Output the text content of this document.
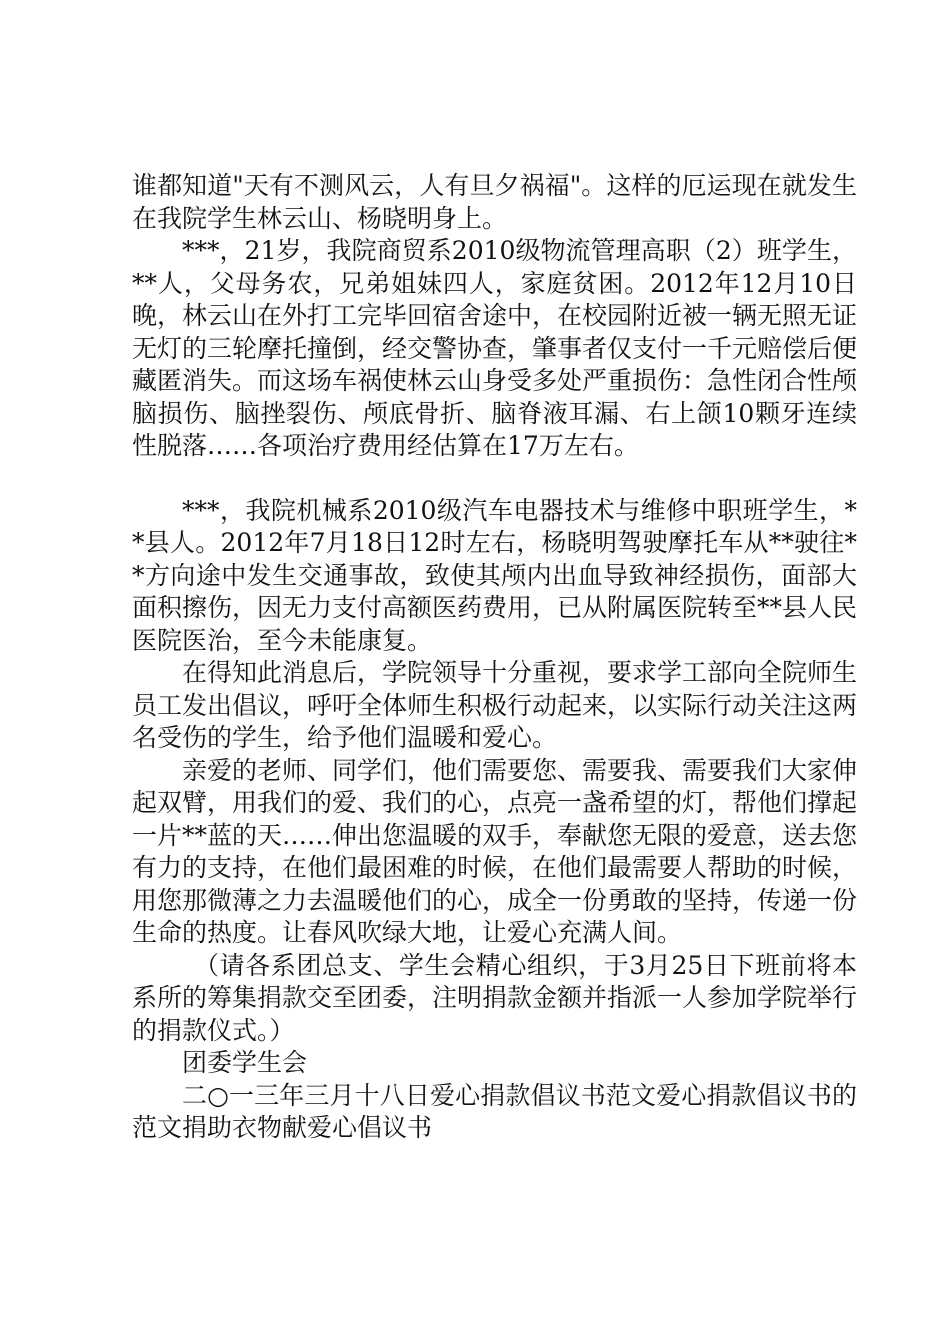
谁都知道"天有不测风云，人有旦夕祸福"。这样的厄运现在就发生在我院学生林云山、杨晓明身上。

***，21岁，我院商贸系2010级物流管理高职（2）班学生，**人，父母务农，兄弟姐妹四人，家庭贫困。2012年12月10日晚，林云山在外打工完毕回宿舍途中，在校园附近被一辆无照无证无灯的三轮摩托撞倒，经交警协查，肇事者仅支付一千元赔偿后便藏匿消失。而这场车祸使林云山身受多处严重损伤：急性闭合性颅脑损伤、脑挫裂伤、颅底骨折、脑脊液耳漏、右上颌10颗牙连续性脱落……各项治疗费用经估算在17万左右。

***，我院机械系2010级汽车电器技术与维修中职班学生，**县人。2012年7月18日12时左右，杨晓明驾驶摩托车从**驶往**方向途中发生交通事故，致使其颅内出血导致神经损伤，面部大面积擦伤，因无力支付高额医药费用，已从附属医院转至**县人民医院医治，至今未能康复。

在得知此消息后，学院领导十分重视，要求学工部向全院师生员工发出倡议，呼吁全体师生积极行动起来，以实际行动关注这两名受伤的学生，给予他们温暖和爱心。

亲爱的老师、同学们，他们需要您、需要我、需要我们大家伸起双臂，用我们的爱、我们的心，点亮一盏希望的灯，帮他们撑起一片**蓝的天……伸出您温暖的双手，奉献您无限的爱意，送去您有力的支持，在他们最困难的时候，在他们最需要人帮助的时候，用您那微薄之力去温暖他们的心，成全一份勇敢的坚持，传递一份生命的热度。让春风吹绿大地，让爱心充满人间。

（请各系团总支、学生会精心组织，于3月25日下班前将本系所的筹集捐款交至团委，注明捐款金额并指派一人参加学院举行的捐款仪式。）

团委学生会

二○一三年三月十八日爱心捐款倡议书范文爱心捐款倡议书的范文捐助衣物献爱心倡议书
